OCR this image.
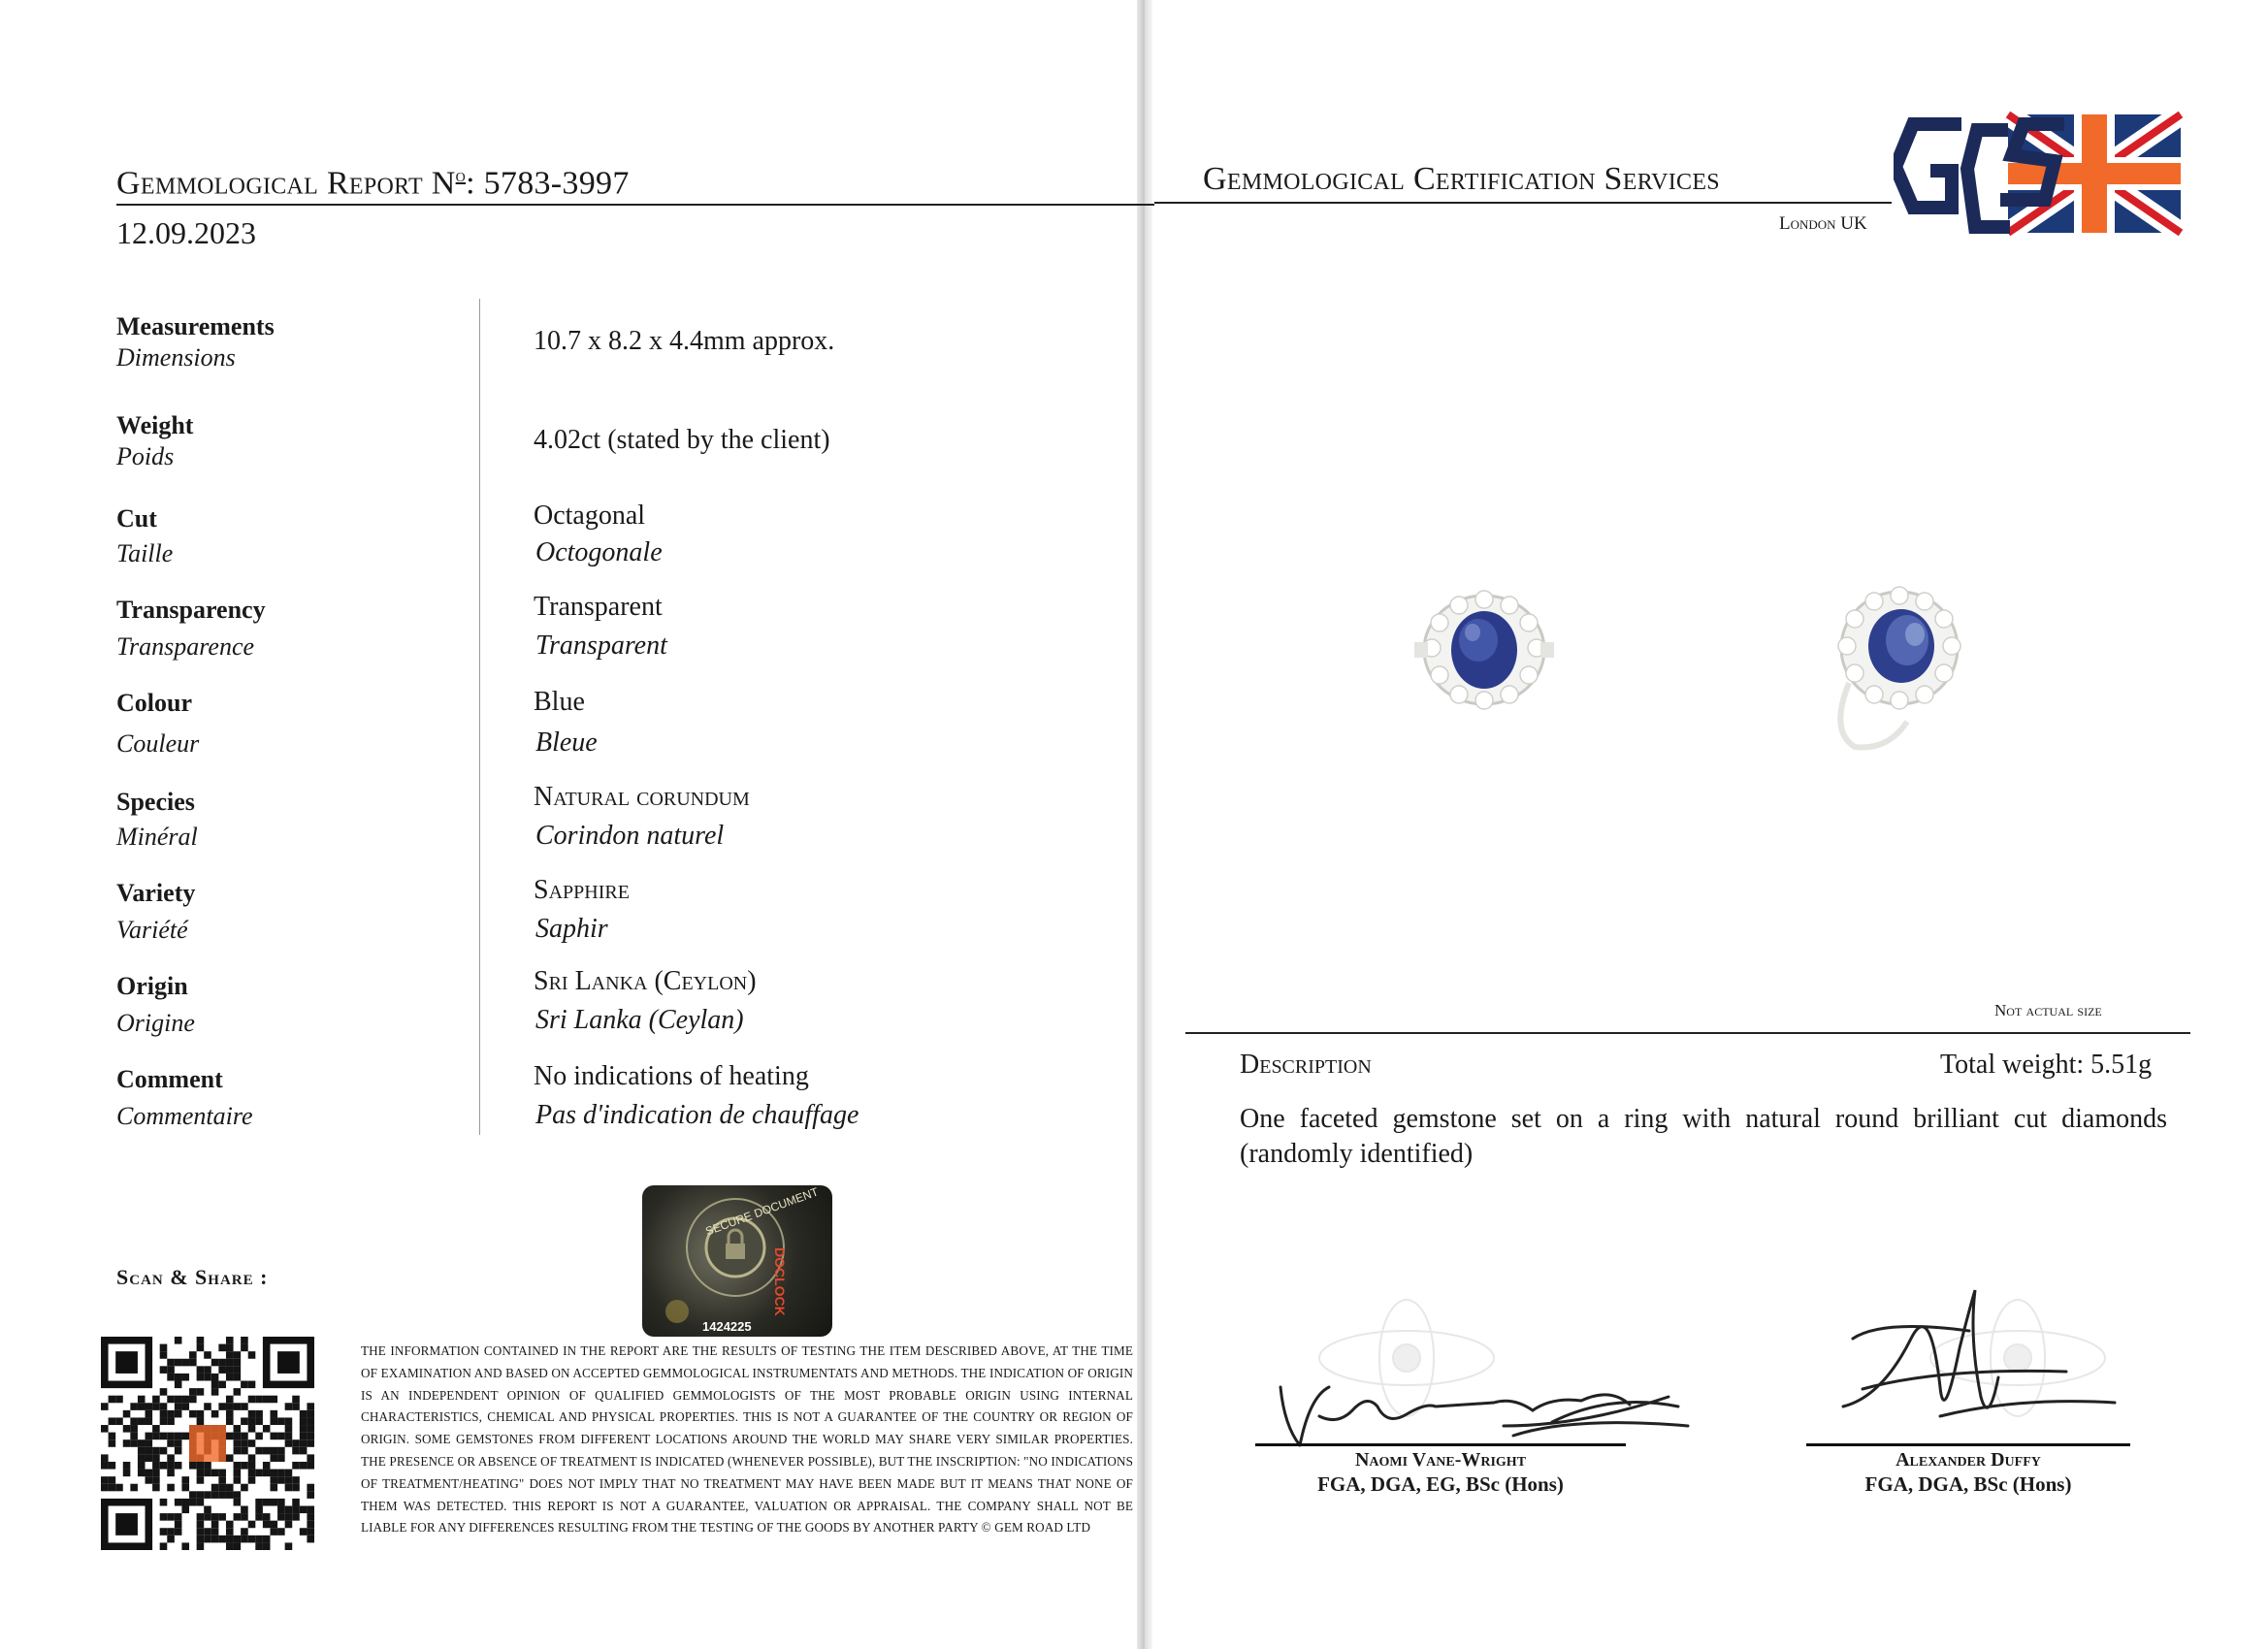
Gemmological Report $N^o$: 5783-3997
12.09.2023
Gemmological Certification Services
London UK
Measurements
Dimensions
10.7 x 8.2 x 4.4mm approx.
Weight
Poids
4.02ct (stated by the client)
Cut
Taille
Octagonal
Octogonale
Transparency
Transparence
Transparent
Transparent
Colour
Couleur
Blue
Bleue
Species
Minéral
Natural corundum
Corindon naturel
Variety
Variété
Sapphire
Saphir
Origin
Origine
Sri Lanka (Ceylon)
Sri Lanka (Ceylan)
Comment
Commentaire
No indications of heating
Pas d'indication de chauffage
Scan & Share :
SECURE DOCUMENT
DOCLOCK
1424225
THE INFORMATION CONTAINED IN THE REPORT ARE THE RESULTS OF TESTING THE ITEM DESCRIBED ABOVE, AT THE TIME OF EXAMINATION AND BASED ON ACCEPTED GEMMOLOGICAL INSTRUMENTATS AND METHODS. THE INDICATION OF ORIGIN IS AN INDEPENDENT OPINION OF QUALIFIED GEMMOLOGISTS OF THE MOST PROBABLE ORIGIN USING INTERNAL CHARACTERISTICS, CHEMICAL AND PHYSICAL PROPERTIES. THIS IS NOT A GUARANTEE OF THE COUNTRY OR REGION OF ORIGIN. SOME GEMSTONES FROM DIFFERENT LOCATIONS AROUND THE WORLD MAY SHARE VERY SIMILAR PROPERTIES. THE PRESENCE OR ABSENCE OF TREATMENT IS INDICATED (WHENEVER POSSIBLE), BUT THE INSCRIPTION: "NO INDICATIONS OF TREATMENT/HEATING" DOES NOT IMPLY THAT NO TREATMENT MAY HAVE BEEN MADE BUT IT MEANS THAT NONE OF THEM WAS DETECTED. THIS REPORT IS NOT A GUARANTEE, VALUATION OR APPRAISAL. THE COMPANY SHALL NOT BE LIABLE FOR ANY DIFFERENCES RESULTING FROM THE TESTING OF THE GOODS BY ANOTHER PARTY © GEM ROAD LTD
Not actual size
Description	Total weight: 5.51g
One faceted gemstone set on a ring with natural round brilliant cut diamonds (randomly identified)
Naomi Vane-Wright
FGA, DGA, EG, BSc (Hons)
Alexander Duffy
FGA, DGA, BSc (Hons)
